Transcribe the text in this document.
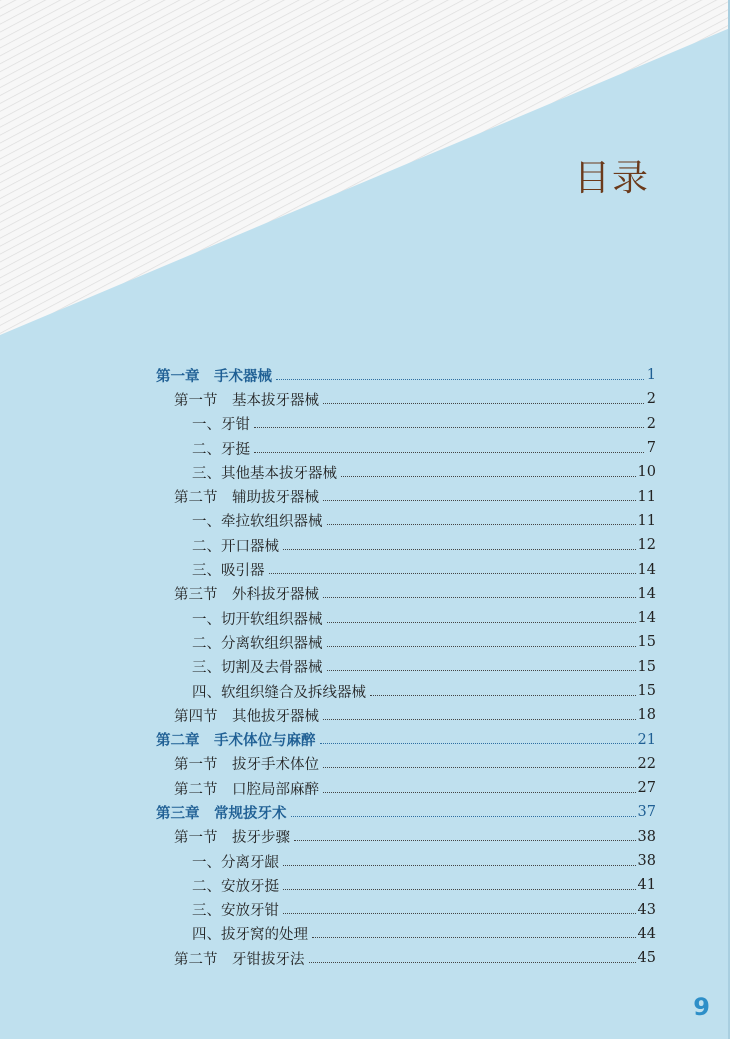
目录
第一章　手术器械	1
第一节　基本拔牙器械	2
一、牙钳	2
二、牙挺	7
三、其他基本拔牙器械	10
第二节　辅助拔牙器械	11
一、牵拉软组织器械	11
二、开口器械	12
三、吸引器	14
第三节　外科拔牙器械	14
一、切开软组织器械	14
二、分离软组织器械	15
三、切割及去骨器械	15
四、软组织缝合及拆线器械	15
第四节　其他拔牙器械	18
第二章　手术体位与麻醉	21
第一节　拔牙手术体位	22
第二节　口腔局部麻醉	27
第三章　常规拔牙术	37
第一节　拔牙步骤	38
一、分离牙龈	38
二、安放牙挺	41
三、安放牙钳	43
四、拔牙窝的处理	44
第二节　牙钳拔牙法	45
9
